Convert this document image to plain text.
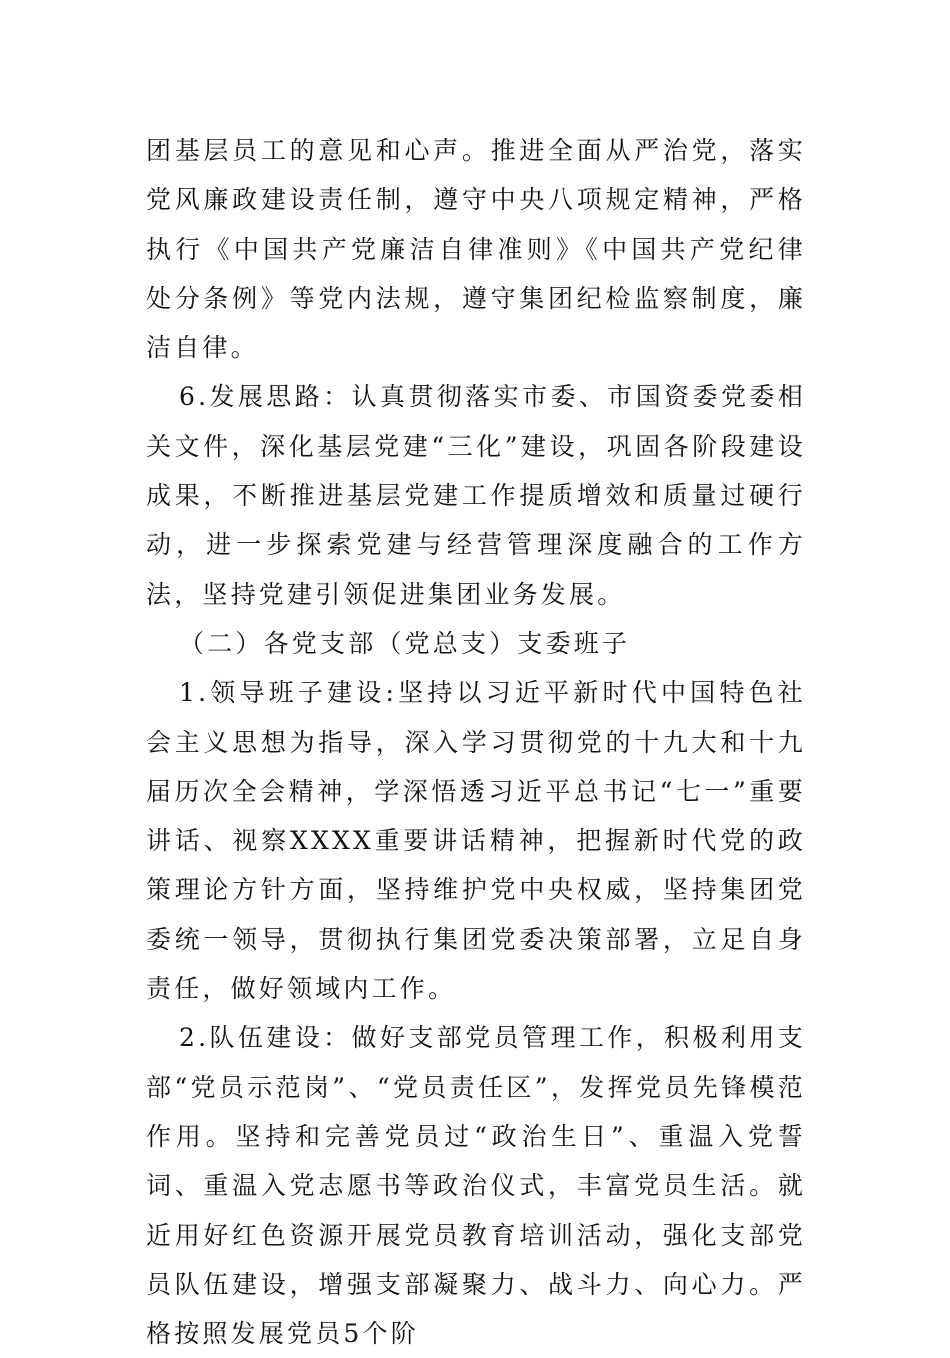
团基层员工的意见和心声。推进全面从严治党，落实党风廉政建设责任制，遵守中央八项规定精神，严格执行《中国共产党廉洁自律准则》《中国共产党纪律处分条例》等党内法规，遵守集团纪检监察制度，廉洁自律。

6.发展思路：认真贯彻落实市委、市国资委党委相关文件，深化基层党建“三化”建设，巩固各阶段建设成果，不断推进基层党建工作提质增效和质量过硬行动，进一步探索党建与经营管理深度融合的工作方法，坚持党建引领促进集团业务发展。

（二）各党支部（党总支）支委班子

1.领导班子建设:坚持以习近平新时代中国特色社会主义思想为指导，深入学习贯彻党的十九大和十九届历次全会精神，学深悟透习近平总书记“七一”重要讲话、视察XXXX重要讲话精神，把握新时代党的政策理论方针方面，坚持维护党中央权威，坚持集团党委统一领导，贯彻执行集团党委决策部署，立足自身责任，做好领域内工作。

2.队伍建设：做好支部党员管理工作，积极利用支部“党员示范岗”、“党员责任区”，发挥党员先锋模范作用。坚持和完善党员过“政治生日”、重温入党誓词、重温入党志愿书等政治仪式，丰富党员生活。就近用好红色资源开展党员教育培训活动，强化支部党员队伍建设，增强支部凝聚力、战斗力、向心力。严格按照发展党员5个阶
